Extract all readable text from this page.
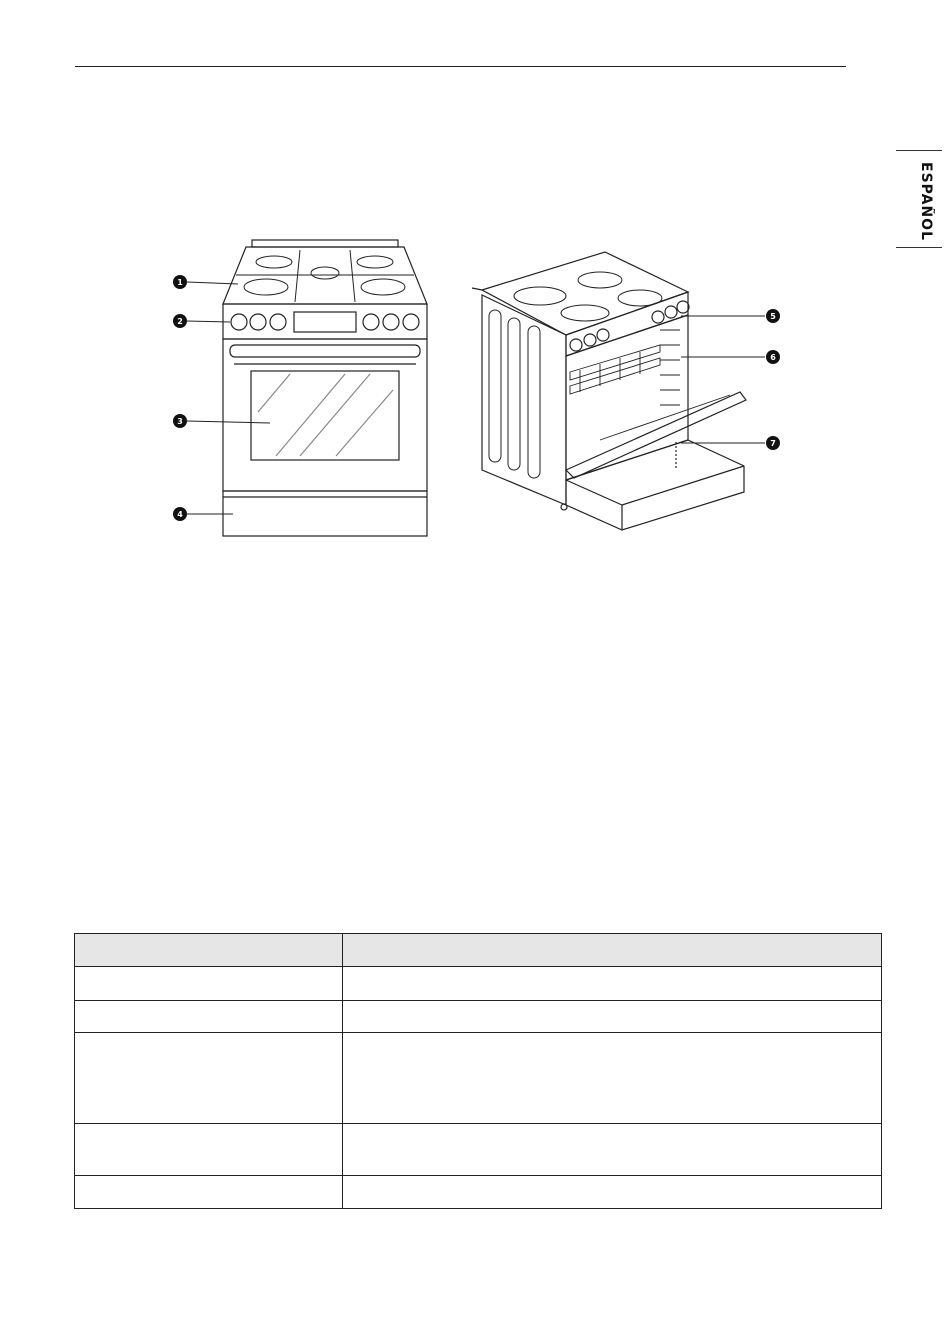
ESPAÑOL
1
2
3
4
5
6
7
